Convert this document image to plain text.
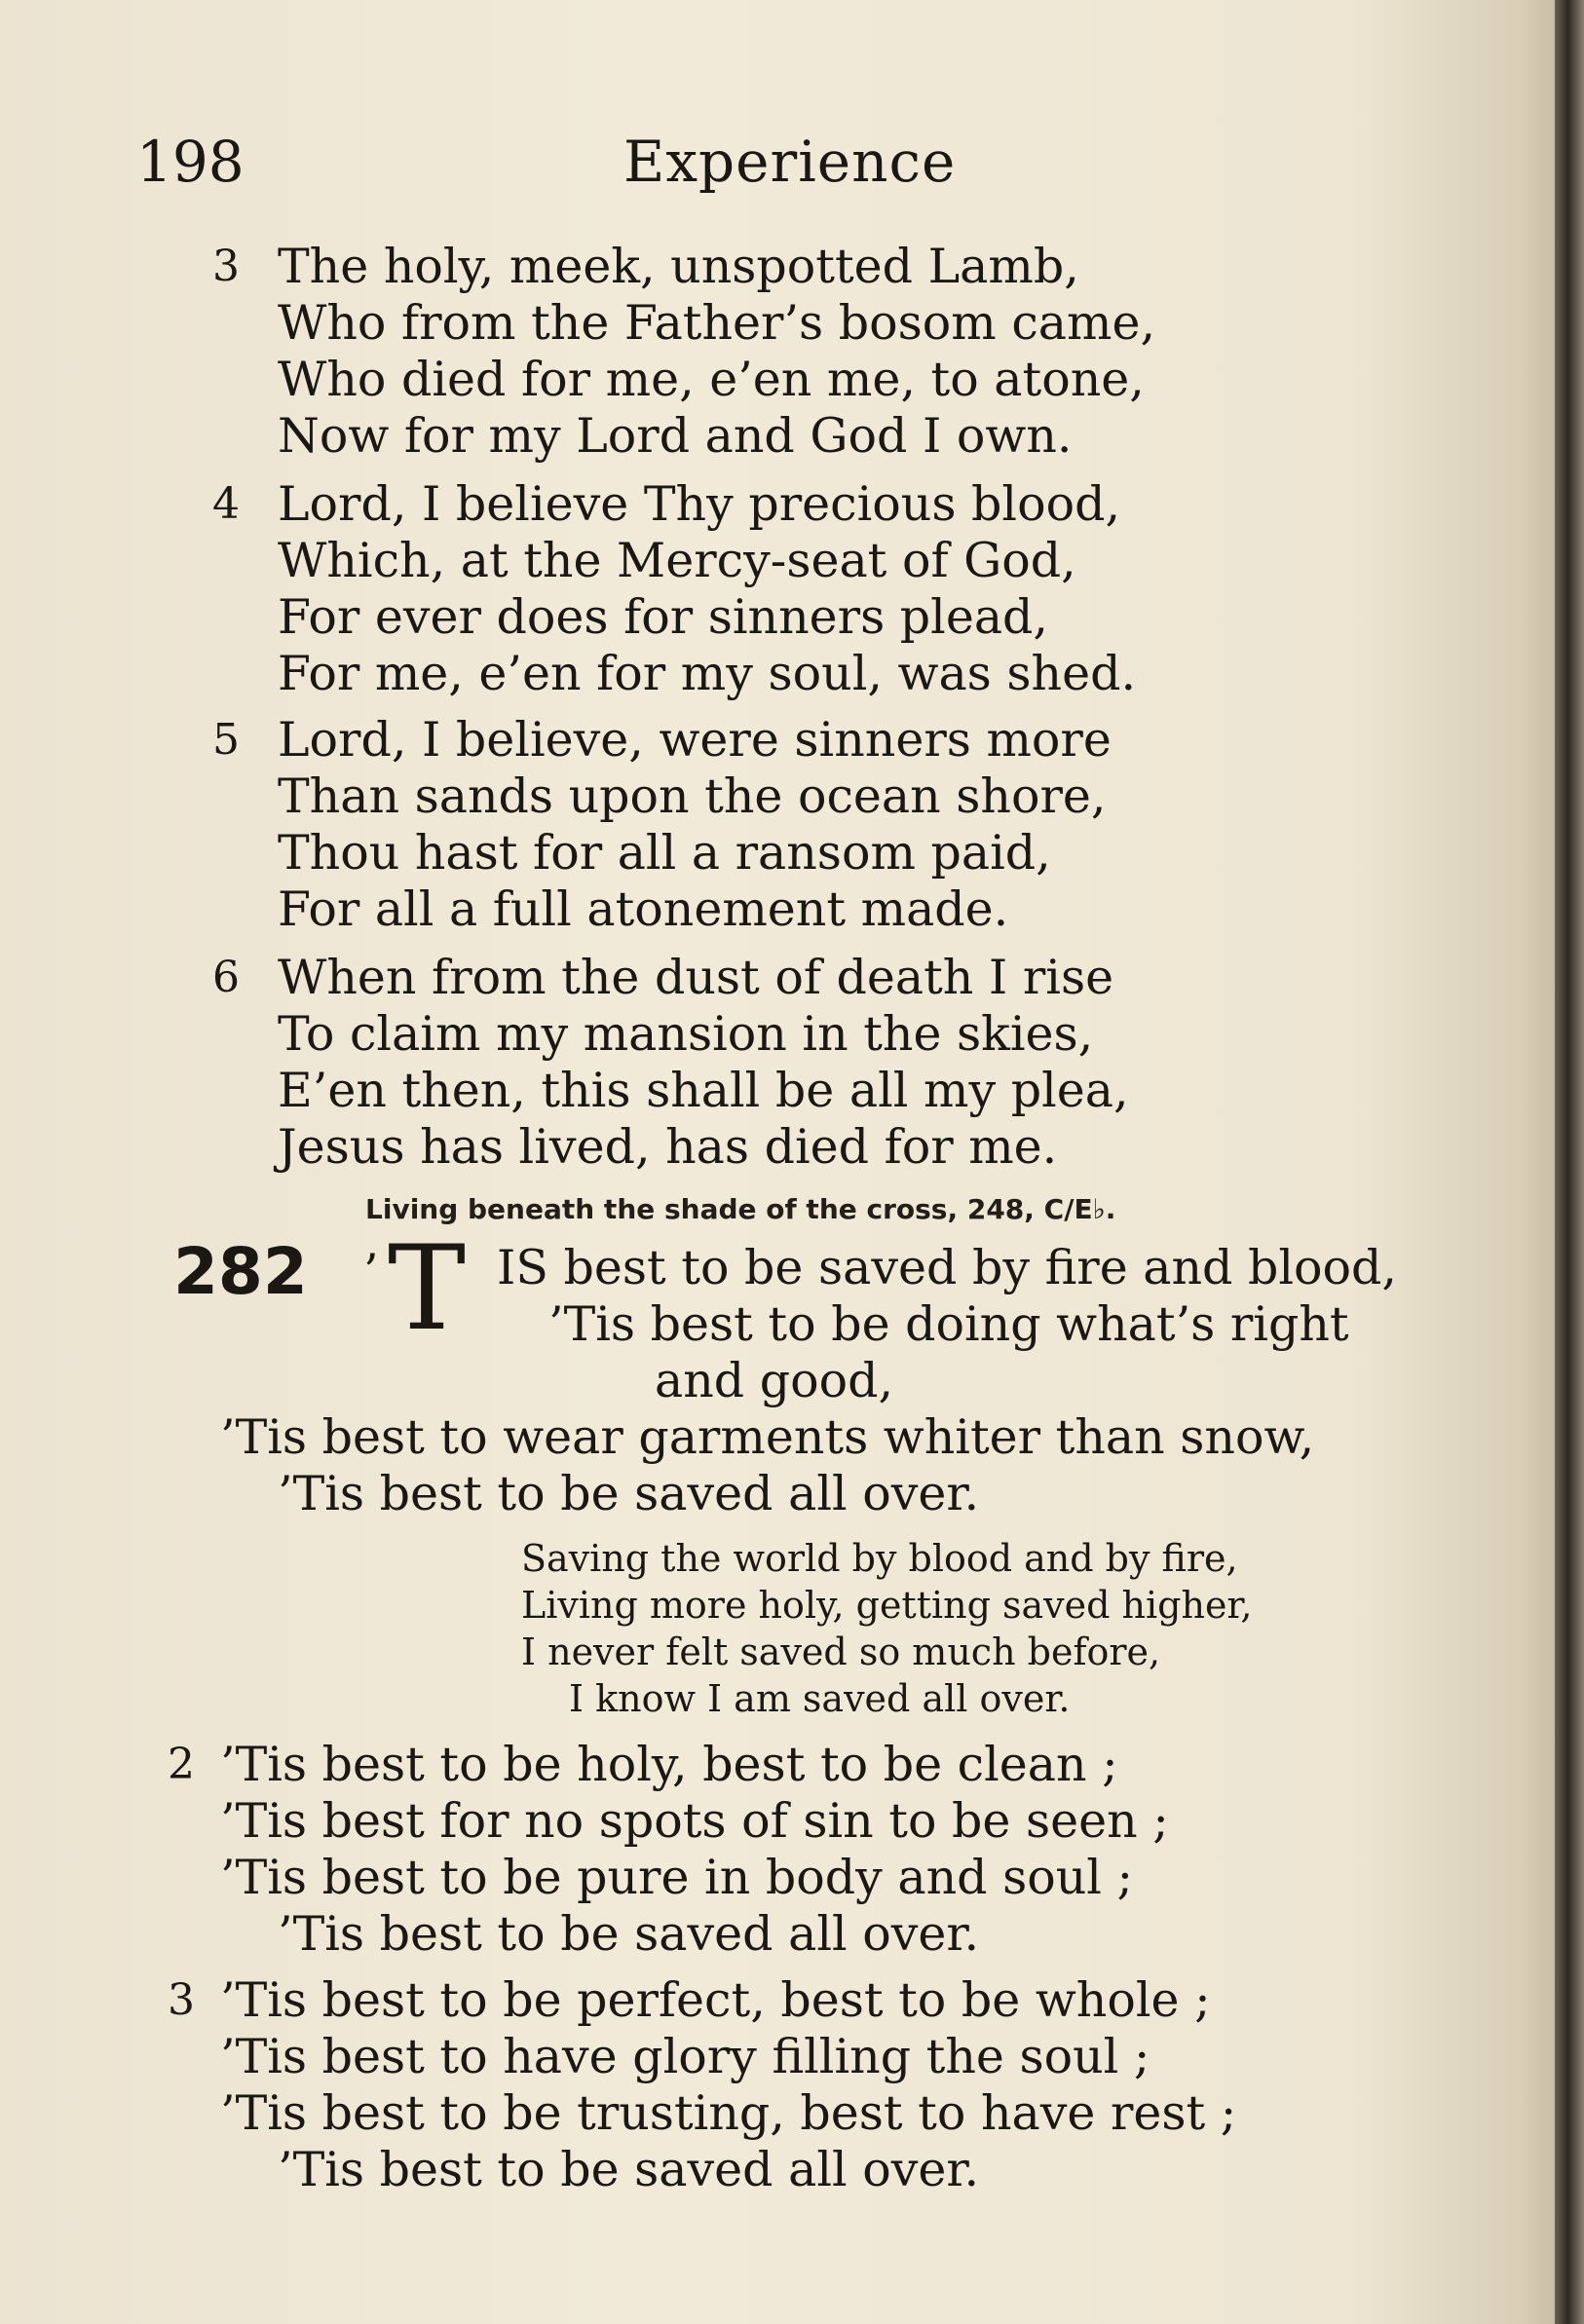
198	Experience
3 The holy, meek, unspotted Lamb,
Who from the Father’s bosom came,
Who died for me, e’en me, to atone,
Now for my Lord and God I own.
4 Lord, I believe Thy precious blood,
Which, at the Mercy-seat of God,
For ever does for sinners plead,
For me, e’en for my soul, was shed.
5 Lord, I believe, were sinners more
Than sands upon the ocean shore,
Thou hast for all a ransom paid,
For all a full atonement made.
6 When from the dust of death I rise
To claim my mansion in the skies,
E’en then, this shall be all my plea,
Jesus has lived, has died for me.
Living beneath the shade of the cross, 248, C/E♭.
282 ’ T IS best to be saved by fire and blood,
’Tis best to be doing what’s right
and good,
’Tis best to wear garments whiter than snow,
’Tis best to be saved all over.
Saving the world by blood and by fire,
Living more holy, getting saved higher,
I never felt saved so much before,
I know I am saved all over.
2 ’Tis best to be holy, best to be clean ;
’Tis best for no spots of sin to be seen ;
’Tis best to be pure in body and soul ;
’Tis best to be saved all over.
3 ’Tis best to be perfect, best to be whole ;
’Tis best to have glory filling the soul ;
’Tis best to be trusting, best to have rest ;
’Tis best to be saved all over.
